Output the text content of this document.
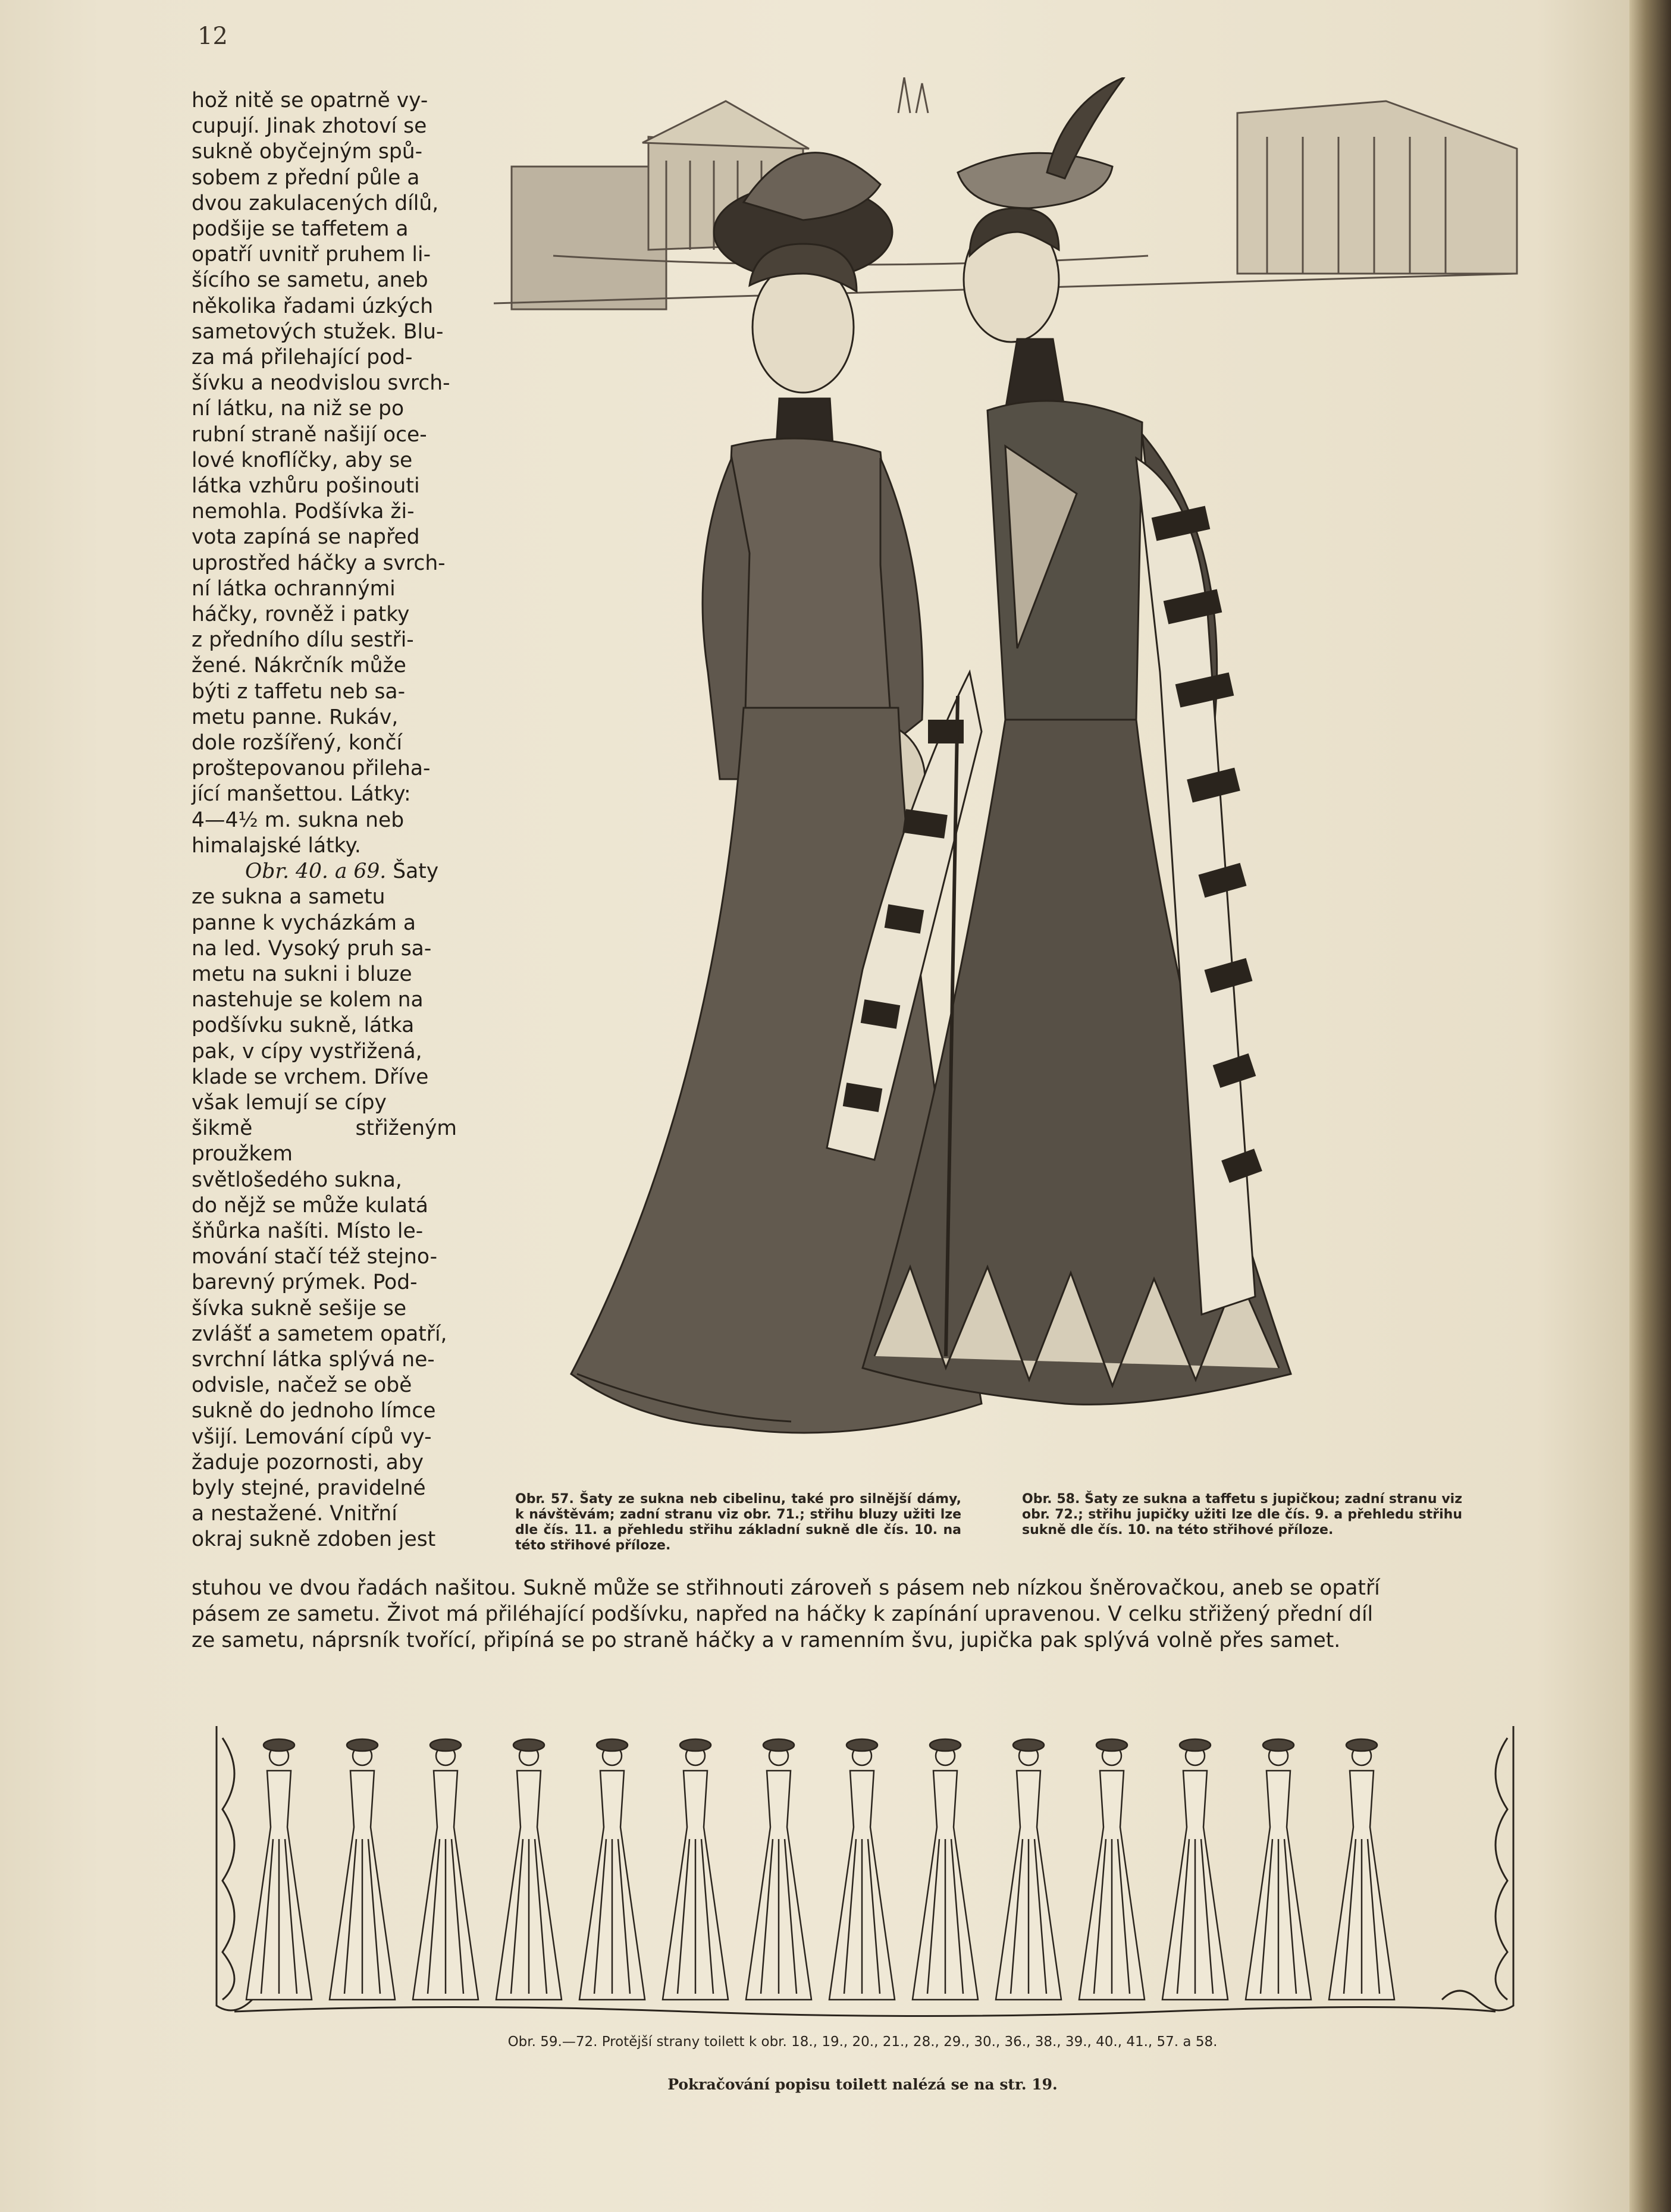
12
hož nitě se opatrně vy-
cupují. Jinak zhotoví se
sukně obyčejným spů-
sobem z přední půle a
dvou zakulacených dílů,
podšije se taffetem a
opatří uvnitř pruhem li-
šícího se sametu, aneb
několika řadami úzkých
sametových stužek. Blu-
za má přilehající pod-
šívku a neodvislou svrch-
ní látku, na niž se po
rubní straně našijí oce-
lové knoflíčky, aby se
látka vzhůru pošinouti
nemohla. Podšívka ži-
vota zapíná se napřed
uprostřed háčky a svrch-
ní látka ochrannými
háčky, rovněž i patky
z předního dílu sestři-
žené. Nákrčník může
býti z taffetu neb sa-
metu panne. Rukáv,
dole rozšířený, končí
proštepovanou přileha-
jící manšettou. Látky:
4—4½ m. sukna neb
himalajské látky.

Obr. 40. a 69. Šaty

ze sukna a sametu
panne k vycházkám a
na led. Vysoký pruh sa-
metu na sukni i bluze
nastehuje se kolem na
podšívku sukně, látka
pak, v cípy vystřižená,
klade se vrchem. Dříve
však lemují se cípy
šikmě střiženým proužkem
světlošedého sukna,
do nějž se může kulatá
šňůrka našíti. Místo le-
mování stačí též stejno-
barevný prýmek. Pod-
šívka sukně sešije se
zvlášť a sametem opatří,
svrchní látka splývá ne-
odvisle, načež se obě
sukně do jednoho límce
všijí. Lemování cípů vy-
žaduje pozornosti, aby
byly stejné, pravidelné
a nestažené. Vnitřní
okraj sukně zdoben jest
Obr. 57. Šaty ze sukna neb cibelinu, také pro silnější dámy, k návštěvám; zadní stranu viz obr. 71.; střihu bluzy užiti lze dle čís. 11. a přehledu střihu základní sukně dle čís. 10. na této střihové příloze.
Obr. 58. Šaty ze sukna a taffetu s jupičkou; zadní stranu viz obr. 72.; střihu jupičky užiti lze dle čís. 9. a přehledu střihu sukně dle čís. 10. na této střihové příloze.
stuhou ve dvou řadách našitou. Sukně může se střihnouti zároveň s pásem neb nízkou šněrovačkou, aneb se opatří
pásem ze sametu. Život má přiléhající podšívku, napřed na háčky k zapínání upravenou. V celku střižený přední díl
ze sametu, náprsník tvořící, připíná se po straně háčky a v ramenním švu, jupička pak splývá volně přes samet.
Obr. 59.—72. Protější strany toilett k obr. 18., 19., 20., 21., 28., 29., 30., 36., 38., 39., 40., 41., 57. a 58.
Pokračování popisu toilett nalézá se na str. 19.
